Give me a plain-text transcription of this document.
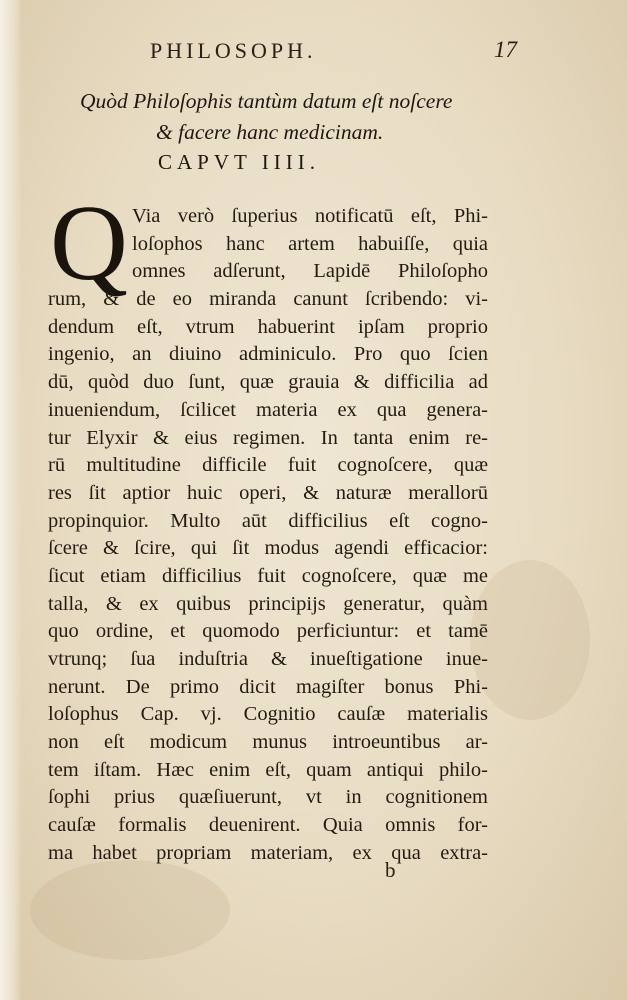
PHILOSOPH.	17
Quòd Philoſophis tantùm datum eſt noſcere
& facere hanc medicinam.
CAPVT IIII.
Q Via verò ſuperius notificatū eſt, Phi-
loſophos hanc artem habuiſſe, quia
omnes adſerunt, Lapidē Philoſopho
rum, & de eo miranda canunt ſcribendo: vi-
dendum eſt, vtrum habuerint ipſam proprio
ingenio, an diuino adminiculo. Pro quo ſcien
dū, quòd duo ſunt, quæ grauia & difficilia ad
inueniendum, ſcilicet materia ex qua genera-
tur Elyxir & eius regimen. In tanta enim re-
rū multitudine difficile fuit cognoſcere, quæ
res ſit aptior huic operi, & naturæ merallorū
propinquior. Multo aūt difficilius eſt cogno-
ſcere & ſcire, qui ſit modus agendi efficacior:
ſicut etiam difficilius fuit cognoſcere, quæ me
talla, & ex quibus principijs generatur, quàm
quo ordine, et quomodo perficiuntur: et tamē
vtrunq; ſua induſtria & inueſtigatione inue-
nerunt. De primo dicit magiſter bonus Phi-
loſophus Cap. vj. Cognitio cauſæ materialis
non eſt modicum munus introeuntibus ar-
tem iſtam. Hæc enim eſt, quam antiqui philo-
ſophi prius quæſiuerunt, vt in cognitionem
cauſæ formalis deuenirent. Quia omnis for-
ma habet propriam materiam, ex qua extra-
b
